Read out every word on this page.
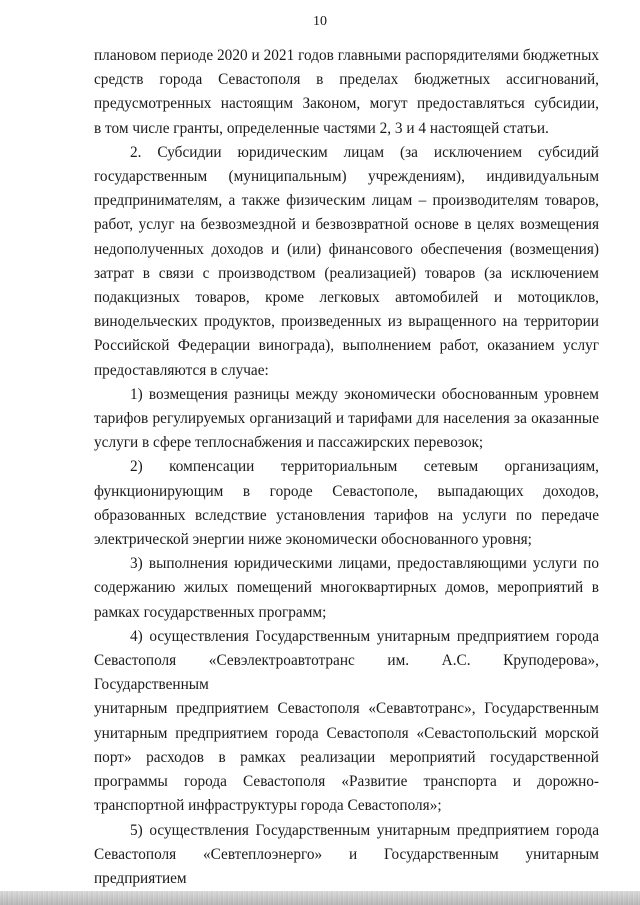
10
плановом периоде 2020 и 2021 годов главными распорядителями бюджетных
средств города Севастополя в пределах бюджетных ассигнований,
предусмотренных настоящим Законом, могут предоставляться субсидии,
в том числе гранты, определенные частями 2, 3 и 4 настоящей статьи.
2. Субсидии юридическим лицам (за исключением субсидий
государственным (муниципальным) учреждениям), индивидуальным
предпринимателям, а также физическим лицам – производителям товаров,
работ, услуг на безвозмездной и безвозвратной основе в целях возмещения
недополученных доходов и (или) финансового обеспечения (возмещения)
затрат в связи с производством (реализацией) товаров (за исключением
подакцизных товаров, кроме легковых автомобилей и мотоциклов,
винодельческих продуктов, произведенных из выращенного на территории
Российской Федерации винограда), выполнением работ, оказанием услуг
предоставляются в случае:
1) возмещения разницы между экономически обоснованным уровнем
тарифов регулируемых организаций и тарифами для населения за оказанные
услуги в сфере теплоснабжения и пассажирских перевозок;
2) компенсации территориальным сетевым организациям,
функционирующим в городе Севастополе, выпадающих доходов,
образованных вследствие установления тарифов на услуги по передаче
электрической энергии ниже экономически обоснованного уровня;
3) выполнения юридическими лицами, предоставляющими услуги по
содержанию жилых помещений многоквартирных домов, мероприятий в
рамках государственных программ;
4) осуществления Государственным унитарным предприятием города
Севастополя «Севэлектроавтотранс им. А.С. Круподерова», Государственным
унитарным предприятием Севастополя «Севавтотранс», Государственным
унитарным предприятием города Севастополя «Севастопольский морской
порт» расходов в рамках реализации мероприятий государственной
программы города Севастополя «Развитие транспорта и дорожно-
транспортной инфраструктуры города Севастополя»;
5) осуществления Государственным унитарным предприятием города
Севастополя «Севтеплоэнерго» и Государственным унитарным предприятием
